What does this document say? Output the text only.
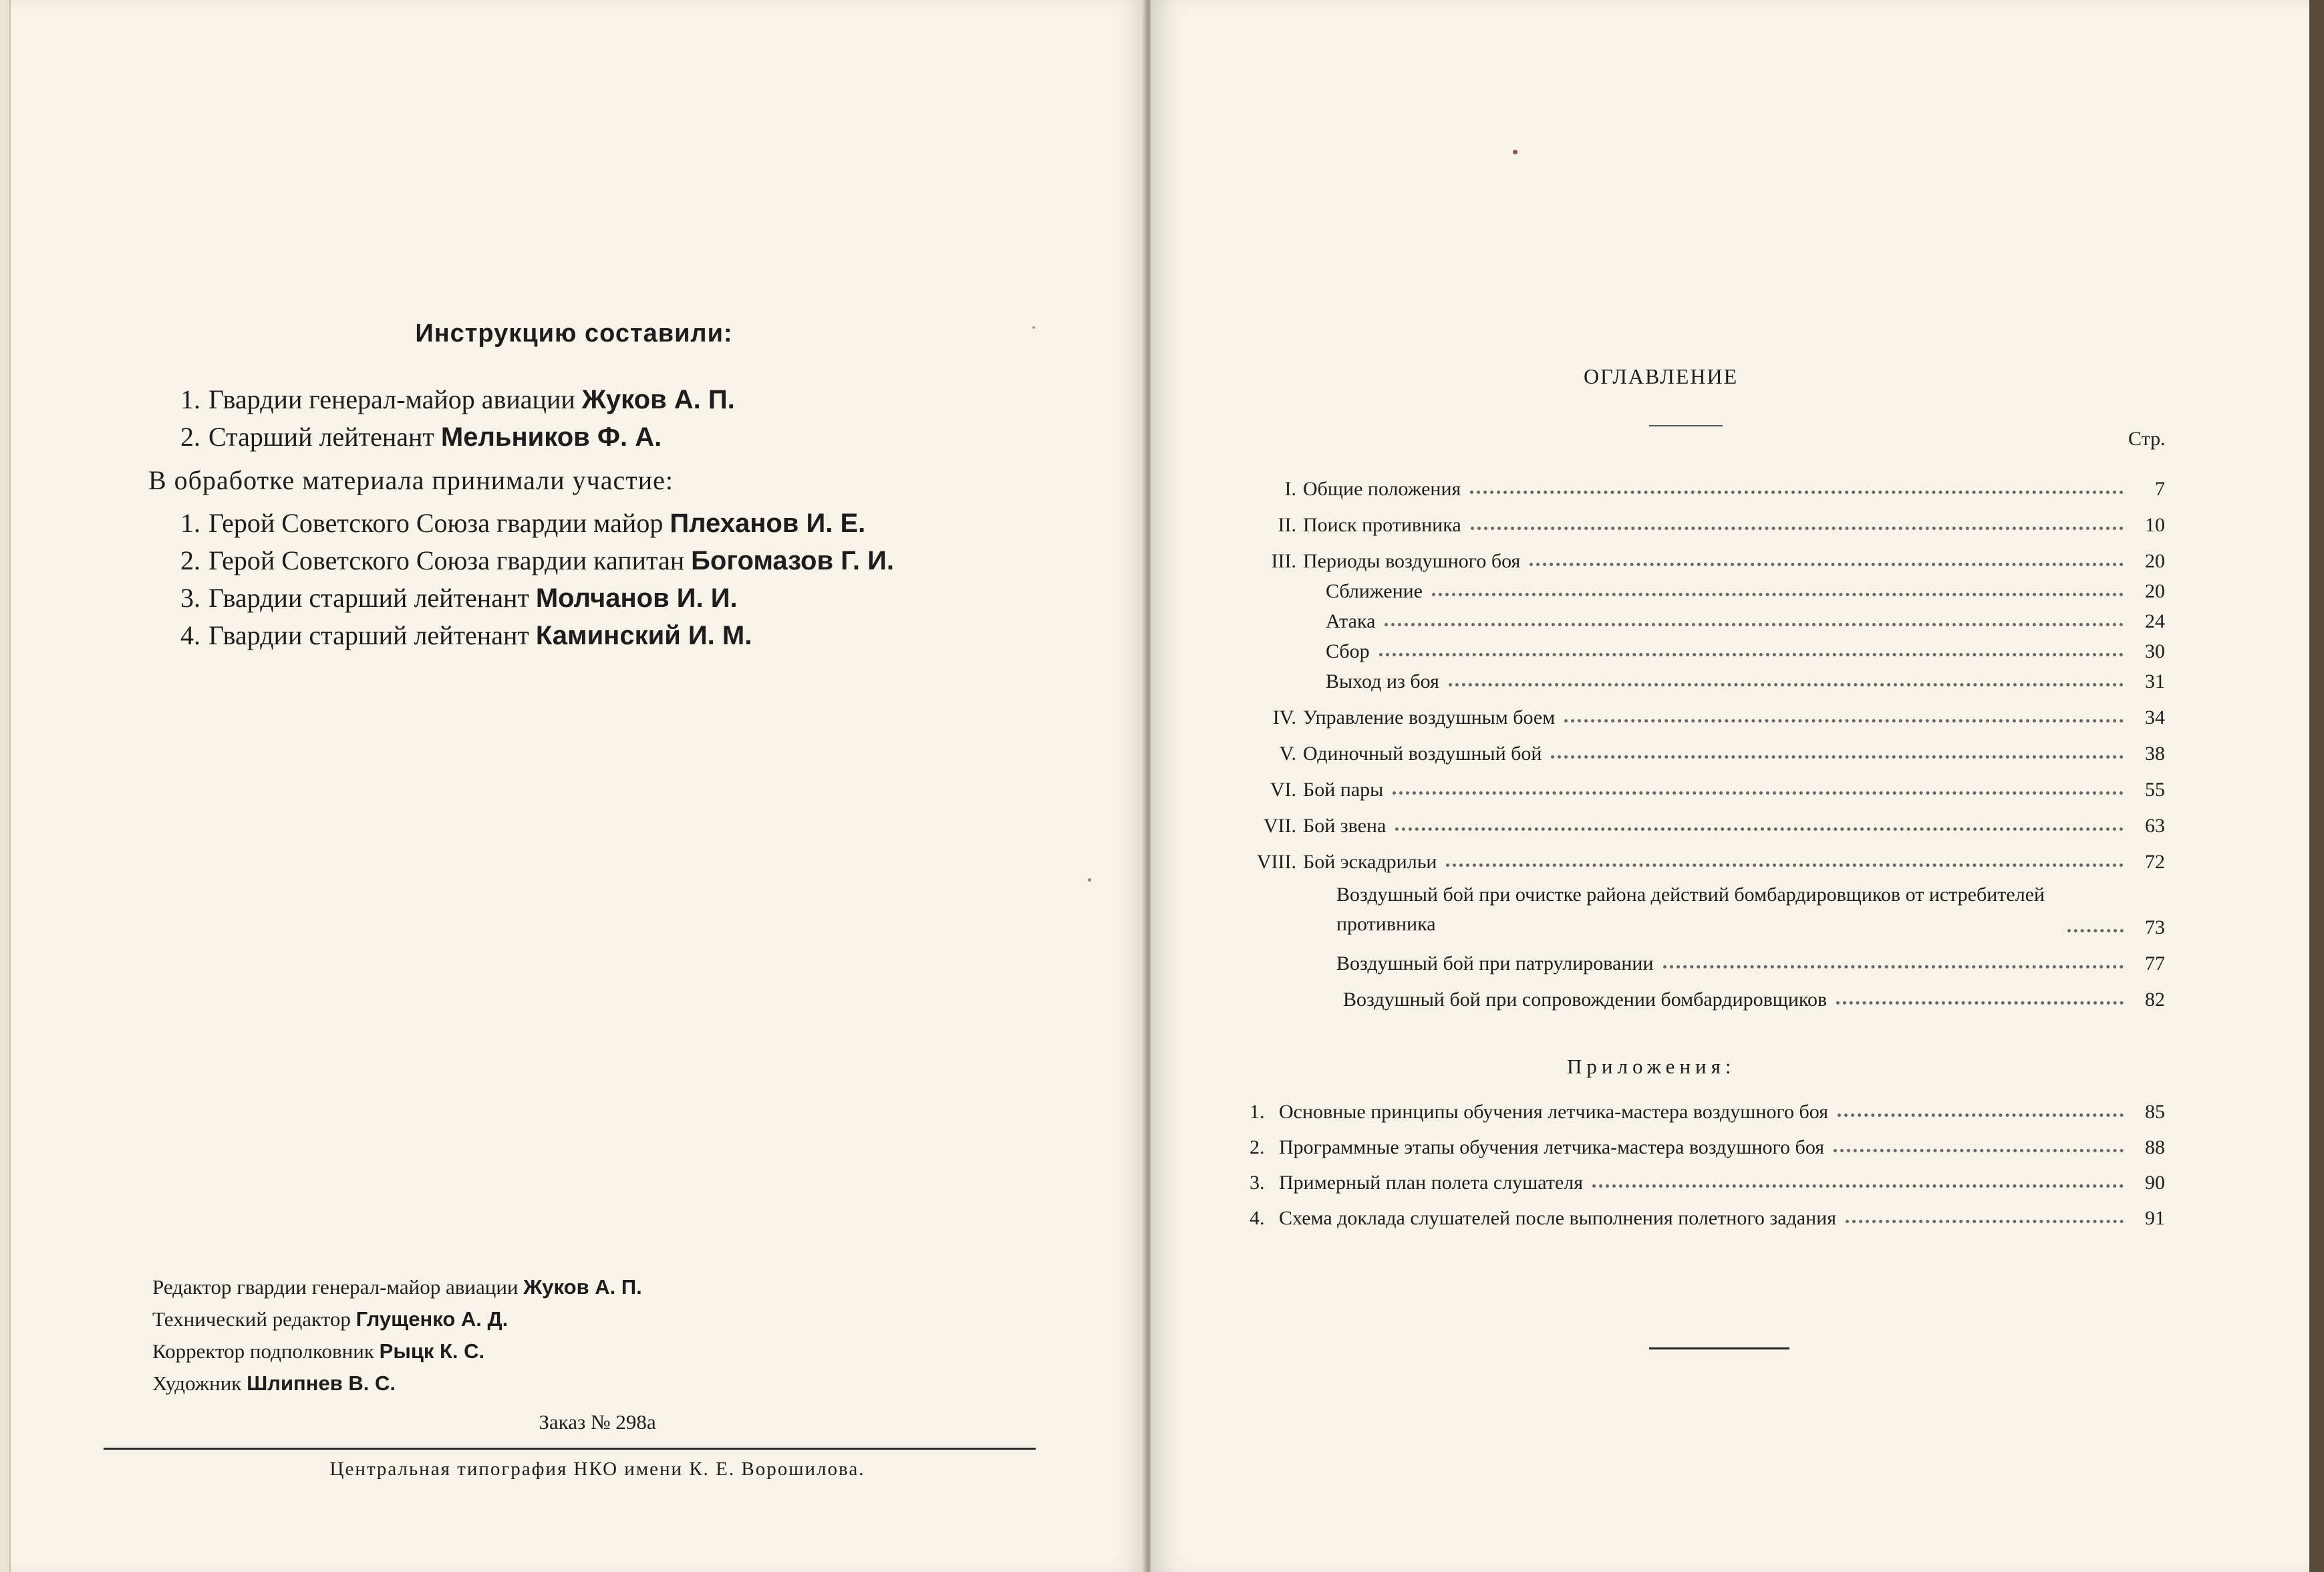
Инструкцию составили:
1. Гвардии генерал-майор авиации Жуков А. П.
2. Старший лейтенант Мельников Ф. А.
В обработке материала принимали участие:
1. Герой Советского Союза гвардии майор Плеханов И. Е.
2. Герой Советского Союза гвардии капитан Богомазов Г. И.
3. Гвардии старший лейтенант Молчанов И. И.
4. Гвардии старший лейтенант Каминский И. М.
Редактор гвардии генерал-майор авиации Жуков А. П.
Технический редактор Глущенко А. Д.
Корректор подполковник Рыцк К. С.
Художник Шлипнев В. С.
Заказ № 298а
Центральная типография НКО имени К. Е. Ворошилова.
ОГЛАВЛЕНИЕ
Стр.
I. Общие положения	7
II. Поиск противника	10
III. Периоды воздушного боя	20
Сближение	20
Атака	24
Сбор	30
Выход из боя	31
IV. Управление воздушным боем	34
V. Одиночный воздушный бой	38
VI. Бой пары	55
VII. Бой звена	63
VIII. Бой эскадрильи	72
Воздушный бой при очистке района действий бомбардировщиков от истребителей противника	73
Воздушный бой при патрулировании	77
Воздушный бой при сопровождении бомбардировщиков	82
Приложения:
1. Основные принципы обучения летчика-мастера воздушного боя	85
2. Программные этапы обучения летчика-мастера воздушного боя	88
3. Примерный план полета слушателя	90
4. Схема доклада слушателей после выполнения полетного задания	91
